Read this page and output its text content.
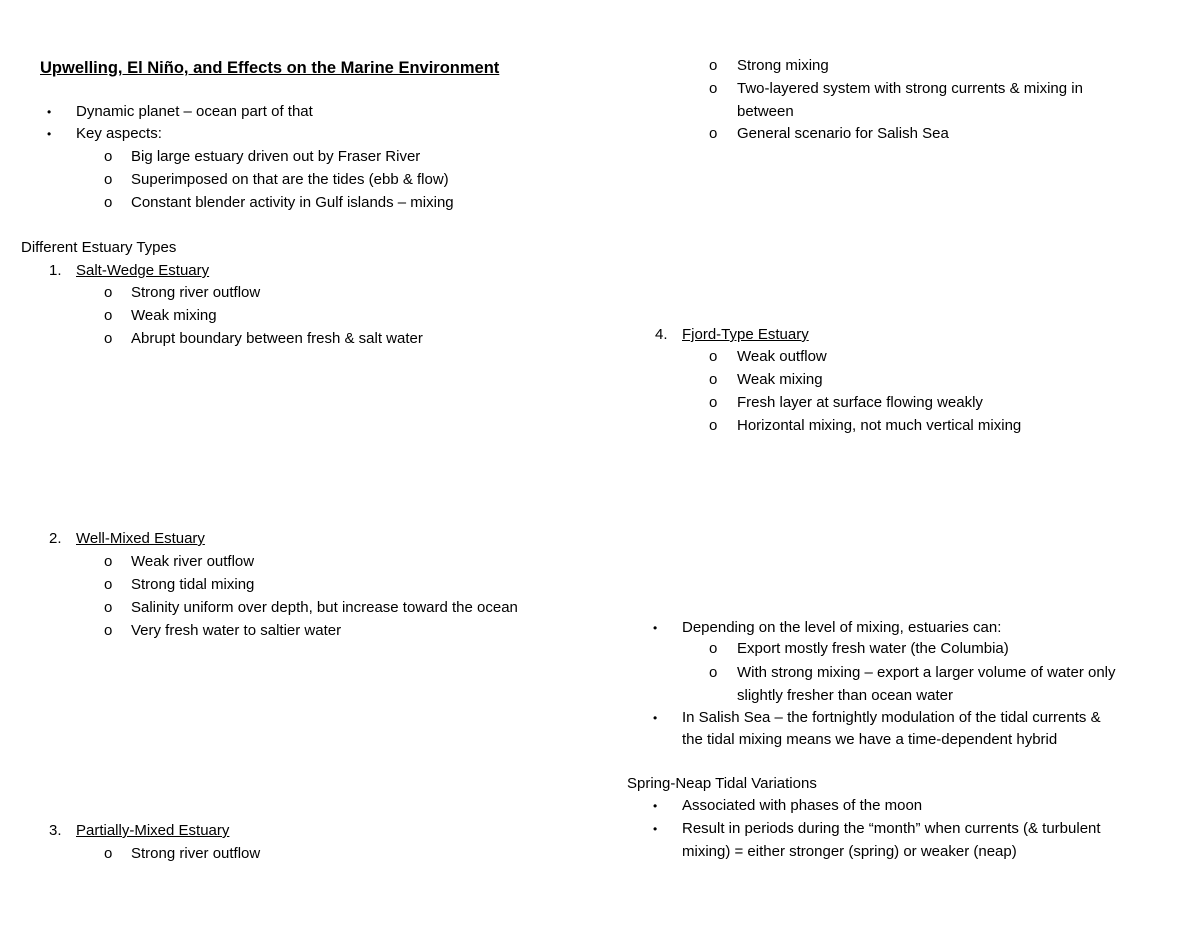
Upwelling, El Niño, and Effects on the Marine Environment
• Dynamic planet – ocean part of that
• Key aspects:
o Big large estuary driven out by Fraser River
o Superimposed on that are the tides (ebb & flow)
o Constant blender activity in Gulf islands – mixing
Different Estuary Types
1. Salt-Wedge Estuary
o Strong river outflow
o Weak mixing
o Abrupt boundary between fresh & salt water
2. Well-Mixed Estuary
o Weak river outflow
o Strong tidal mixing
o Salinity uniform over depth, but increase toward the ocean
o Very fresh water to saltier water
3. Partially-Mixed Estuary
o Strong river outflow
o Strong mixing
o Two-layered system with strong currents & mixing in
between
o General scenario for Salish Sea
4. Fjord-Type Estuary
o Weak outflow
o Weak mixing
o Fresh layer at surface flowing weakly
o Horizontal mixing, not much vertical mixing
• Depending on the level of mixing, estuaries can:
o Export mostly fresh water (the Columbia)
o With strong mixing – export a larger volume of water only
slightly fresher than ocean water
• In Salish Sea – the fortnightly modulation of the tidal currents &
the tidal mixing means we have a time-dependent hybrid
Spring-Neap Tidal Variations
• Associated with phases of the moon
• Result in periods during the “month” when currents (& turbulent
mixing) = either stronger (spring) or weaker (neap)
